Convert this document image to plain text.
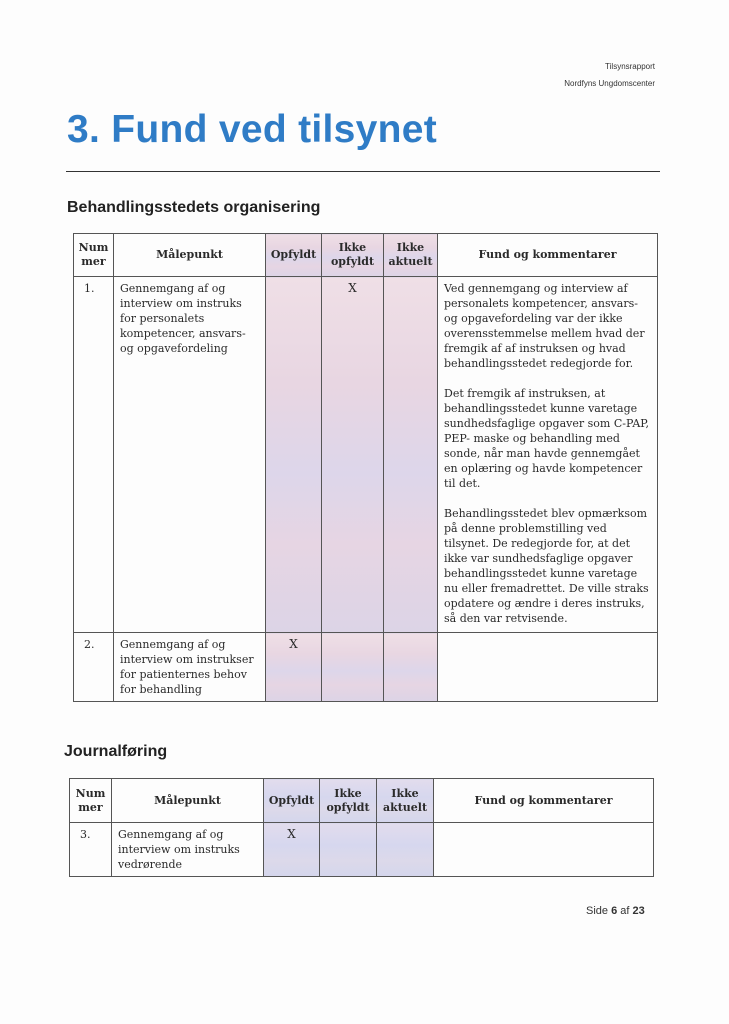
Tilsynsrapport
Nordfyns Ungdomscenter
3. Fund ved tilsynet
Behandlingsstedets organisering
Num mer	Målepunkt	Opfyldt	Ikke opfyldt	Ikke aktuelt	Fund og kommentarer
1.	Gennemgang af og interview om instruks for personalets kompetencer, ansvars- og opgavefordeling		X		Ved gennemgang og interview af personalets kompetencer, ansvars- og opgavefordeling var der ikke overensstemmelse mellem hvad der fremgik af af instruksen og hvad behandlingsstedet redegjorde for.

Det fremgik af instruksen, at behandlingsstedet kunne varetage sundhedsfaglige opgaver som C-PAP, PEP- maske og behandling med sonde, når man havde gennemgået en oplæring og havde kompetencer til det.

Behandlingsstedet blev opmærksom på denne problemstilling ved tilsynet. De redegjorde for, at det ikke var sundhedsfaglige opgaver behandlingsstedet kunne varetage nu eller fremadrettet. De ville straks opdatere og ændre i deres instruks, så den var retvisende.

2.	Gennemgang af og interview om instrukser for patienternes behov for behandling	X			
Journalføring
Num mer	Målepunkt	Opfyldt	Ikke opfyldt	Ikke aktuelt	Fund og kommentarer
3.	Gennemgang af og interview om instruks vedrørende	X			
Side 6 af 23
